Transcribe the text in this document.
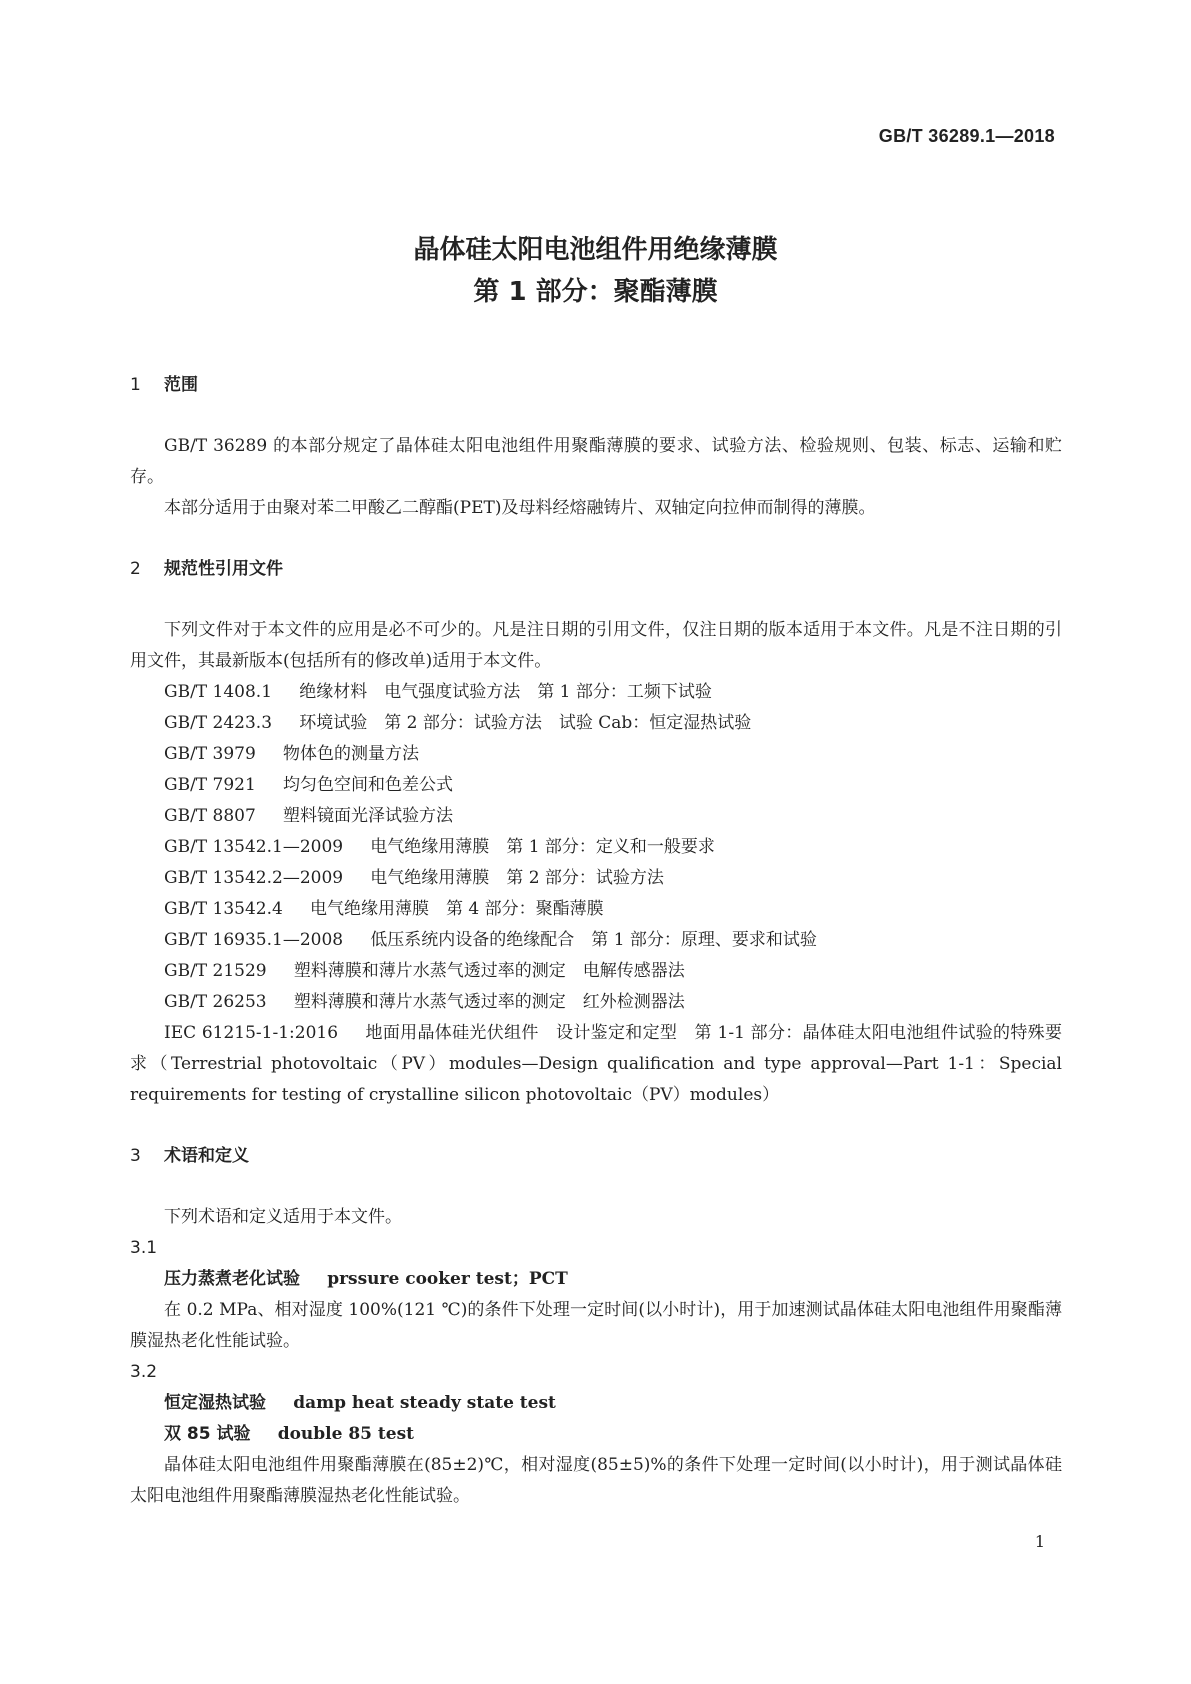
GB/T 36289.1—2018
晶体硅太阳电池组件用绝缘薄膜
第 1 部分：聚酯薄膜

1 范围

GB/T 36289 的本部分规定了晶体硅太阳电池组件用聚酯薄膜的要求、试验方法、检验规则、包装、标志、运输和贮存。

本部分适用于由聚对苯二甲酸乙二醇酯(PET)及母料经熔融铸片、双轴定向拉伸而制得的薄膜。

2 规范性引用文件

下列文件对于本文件的应用是必不可少的。凡是注日期的引用文件，仅注日期的版本适用于本文件。凡是不注日期的引用文件，其最新版本(包括所有的修改单)适用于本文件。

GB/T 1408.1 绝缘材料　电气强度试验方法　第 1 部分：工频下试验

GB/T 2423.3 环境试验　第 2 部分：试验方法　试验 Cab：恒定湿热试验

GB/T 3979 物体色的测量方法

GB/T 7921 均匀色空间和色差公式

GB/T 8807 塑料镜面光泽试验方法

GB/T 13542.1—2009 电气绝缘用薄膜　第 1 部分：定义和一般要求

GB/T 13542.2—2009 电气绝缘用薄膜　第 2 部分：试验方法

GB/T 13542.4 电气绝缘用薄膜　第 4 部分：聚酯薄膜

GB/T 16935.1—2008 低压系统内设备的绝缘配合　第 1 部分：原理、要求和试验

GB/T 21529 塑料薄膜和薄片水蒸气透过率的测定　电解传感器法

GB/T 26253 塑料薄膜和薄片水蒸气透过率的测定　红外检测器法

IEC 61215-1-1:2016 地面用晶体硅光伏组件　设计鉴定和定型　第 1-1 部分：晶体硅太阳电池组件试验的特殊要求（Terrestrial photovoltaic（PV）modules—Design qualification and type approval—Part 1-1：Special requirements for testing of crystalline silicon photovoltaic（PV）modules）

3 术语和定义

下列术语和定义适用于本文件。

3.1

压力蒸煮老化试验 prssure cooker test；PCT

在 0.2 MPa、相对湿度 100%(121 ℃)的条件下处理一定时间(以小时计)，用于加速测试晶体硅太阳电池组件用聚酯薄膜湿热老化性能试验。

3.2

恒定湿热试验 damp heat steady state test

双 85 试验 double 85 test

晶体硅太阳电池组件用聚酯薄膜在(85±2)℃，相对湿度(85±5)%的条件下处理一定时间(以小时计)，用于测试晶体硅太阳电池组件用聚酯薄膜湿热老化性能试验。

1
